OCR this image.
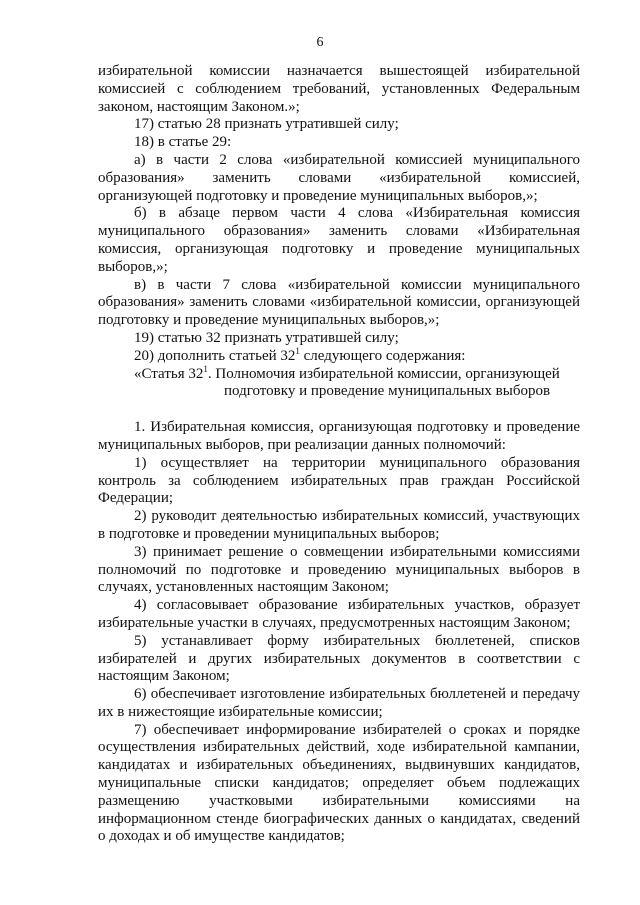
6

избирательной комиссии назначается вышестоящей избирательной комиссией с соблюдением требований, установленных Федеральным законом, настоящим Законом.»;

17) статью 28 признать утратившей силу;

18) в статье 29:

а) в части 2 слова «избирательной комиссией муниципального образования» заменить словами «избирательной комиссией, организующей подготовку и проведение муниципальных выборов,»;

б) в абзаце первом части 4 слова «Избирательная комиссия муниципального образования» заменить словами «Избирательная комиссия, организующая подготовку и проведение муниципальных выборов,»;

в) в части 7 слова «избирательной комиссии муниципального образования» заменить словами «избирательной комиссии, организующей подготовку и проведение муниципальных выборов,»;

19) статью 32 признать утратившей силу;

20) дополнить статьей $32^1$ следующего содержания:

«Статья $32^1$. Полномочия избирательной комиссии, организующей

подготовку и проведение муниципальных выборов

1. Избирательная комиссия, организующая подготовку и проведение муниципальных выборов, при реализации данных полномочий:

1) осуществляет на территории муниципального образования контроль за соблюдением избирательных прав граждан Российской Федерации;

2) руководит деятельностью избирательных комиссий, участвующих в подготовке и проведении муниципальных выборов;

3) принимает решение о совмещении избирательными комиссиями полномочий по подготовке и проведению муниципальных выборов в случаях, установленных настоящим Законом;

4) согласовывает образование избирательных участков, образует избирательные участки в случаях, предусмотренных настоящим Законом;

5) устанавливает форму избирательных бюллетеней, списков избирателей и других избирательных документов в соответствии с настоящим Законом;

6) обеспечивает изготовление избирательных бюллетеней и передачу их в нижестоящие избирательные комиссии;

7) обеспечивает информирование избирателей о сроках и порядке осуществления избирательных действий, ходе избирательной кампании, кандидатах и избирательных объединениях, выдвинувших кандидатов, муниципальные списки кандидатов; определяет объем подлежащих размещению участковыми избирательными комиссиями на информационном стенде биографических данных о кандидатах, сведений о доходах и об имуществе кандидатов;
